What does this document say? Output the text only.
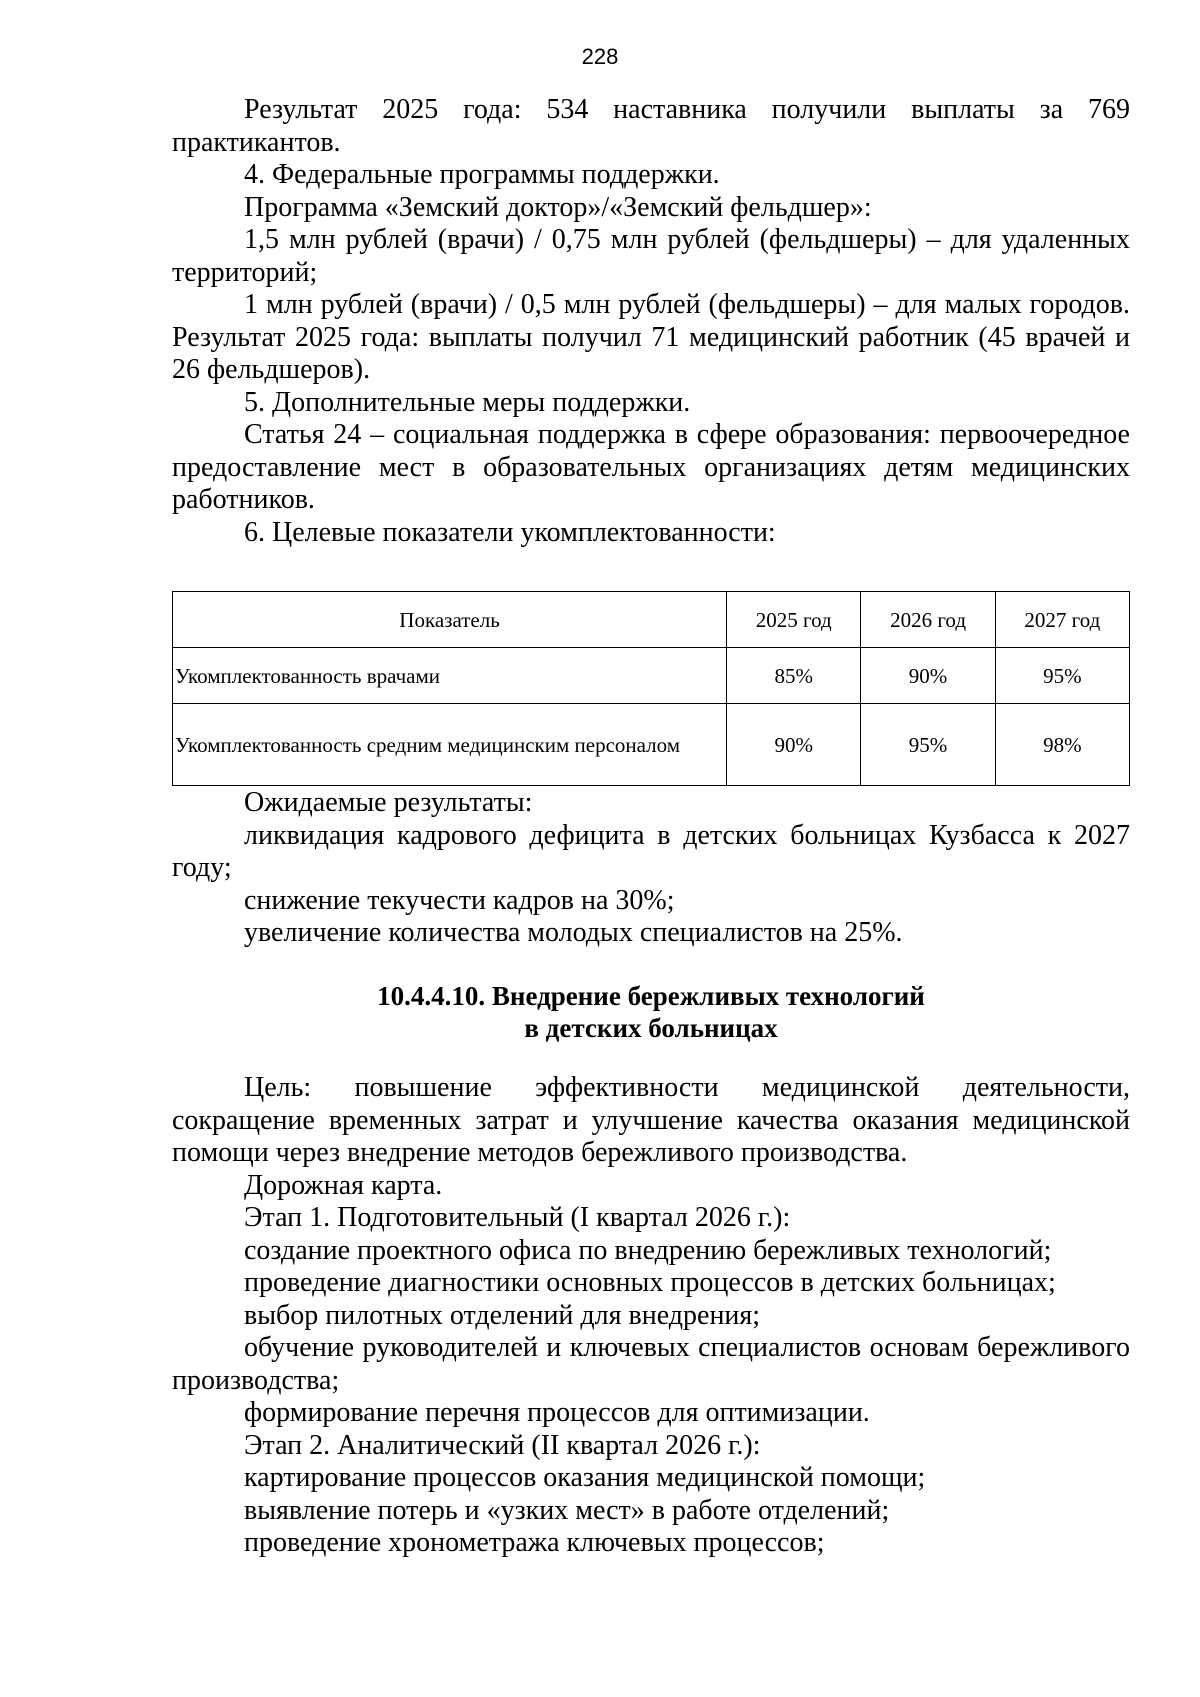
228

Результат 2025 года: 534 наставника получили выплаты за 769 практикантов.

4. Федеральные программы поддержки.

Программа «Земский доктор»/«Земский фельдшер»:

1,5 млн рублей (врачи) / 0,75 млн рублей (фельдшеры) – для удаленных территорий;

1 млн рублей (врачи) / 0,5 млн рублей (фельдшеры) – для малых городов. Результат 2025 года: выплаты получил 71 медицинский работник (45 врачей и 26 фельдшеров).

5. Дополнительные меры поддержки.

Статья 24 – социальная поддержка в сфере образования: первоочередное предоставление мест в образовательных организациях детям медицинских работников.

6. Целевые показатели укомплектованности:

Показатель	2025 год	2026 год	2027 год
Укомплектованность врачами	85%	90%	95%
Укомплектованность средним медицинским персоналом	90%	95%	98%

Ожидаемые результаты:

ликвидация кадрового дефицита в детских больницах Кузбасса к 2027 году;

снижение текучести кадров на 30%;

увеличение количества молодых специалистов на 25%.

10.4.4.10. Внедрение бережливых технологий
в детских больницах

Цель: повышение эффективности медицинской деятельности, сокращение временных затрат и улучшение качества оказания медицинской помощи через внедрение методов бережливого производства.

Дорожная карта.

Этап 1. Подготовительный (I квартал 2026 г.):

создание проектного офиса по внедрению бережливых технологий;

проведение диагностики основных процессов в детских больницах;

выбор пилотных отделений для внедрения;

обучение руководителей и ключевых специалистов основам бережливого производства;

формирование перечня процессов для оптимизации.

Этап 2. Аналитический (II квартал 2026 г.):

картирование процессов оказания медицинской помощи;

выявление потерь и «узких мест» в работе отделений;

проведение хронометража ключевых процессов;
